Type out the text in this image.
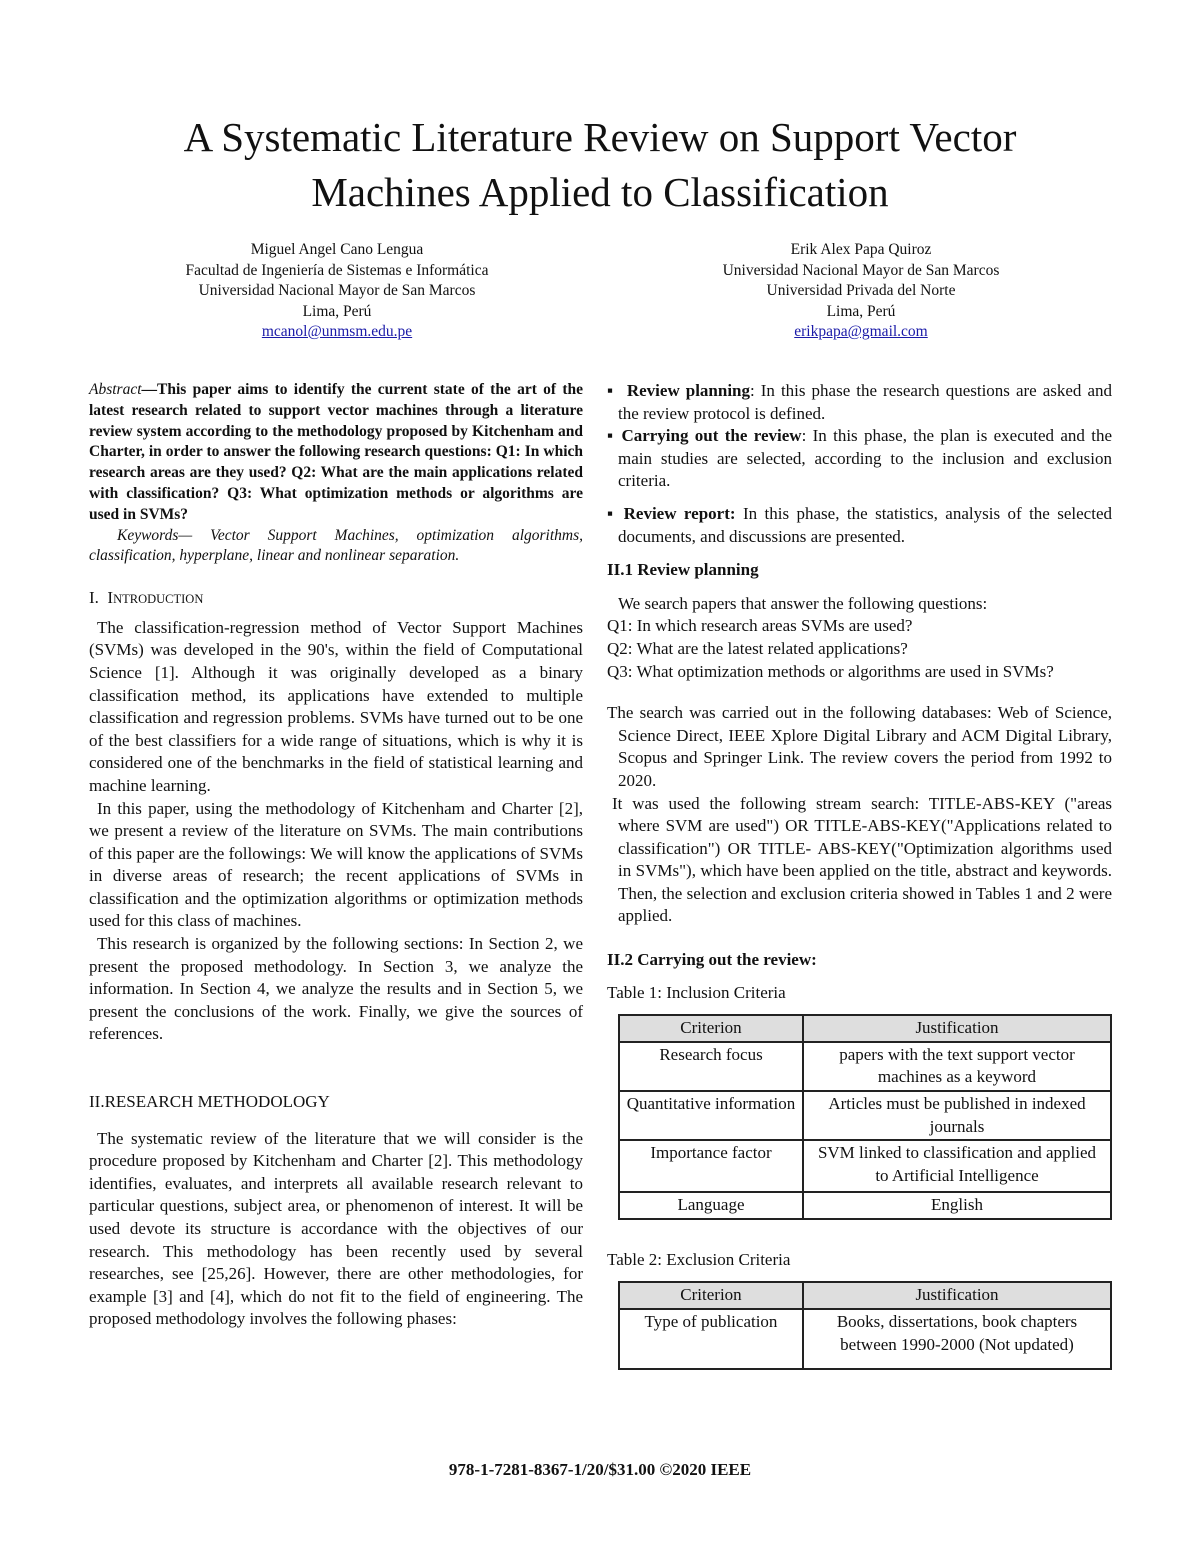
A Systematic Literature Review on Support Vector
Machines Applied to Classification
Miguel Angel Cano Lengua
Facultad de Ingeniería de Sistemas e Informática
Universidad Nacional Mayor de San Marcos
Lima, Perú
mcanol@unmsm.edu.pe
Erik Alex Papa Quiroz
Universidad Nacional Mayor de San Marcos
Universidad Privada del Norte
Lima, Perú
erikpapa@gmail.com

Abstract—This paper aims to identify the current state of the art of the latest research related to support vector machines through a literature review system according to the methodology proposed by Kitchenham and Charter, in order to answer the following research questions: Q1: In which research areas are they used? Q2: What are the main applications related with classification? Q3: What optimization methods or algorithms are used in SVMs?

Keywords— Vector Support Machines, optimization algorithms, classification, hyperplane, linear and nonlinear separation.

I. INTRODUCTION

The classification-regression method of Vector Support Machines (SVMs) was developed in the 90's, within the field of Computational Science [1]. Although it was originally developed as a binary classification method, its applications have extended to multiple classification and regression problems. SVMs have turned out to be one of the best classifiers for a wide range of situations, which is why it is considered one of the benchmarks in the field of statistical learning and machine learning.

In this paper, using the methodology of Kitchenham and Charter [2], we present a review of the literature on SVMs. The main contributions of this paper are the followings: We will know the applications of SVMs in diverse areas of research; the recent applications of SVMs in classification and the optimization algorithms or optimization methods used for this class of machines.

This research is organized by the following sections: In Section 2, we present the proposed methodology. In Section 3, we analyze the information. In Section 4, we analyze the results and in Section 5, we present the conclusions of the work. Finally, we give the sources of references.

II.RESEARCH METHODOLOGY

The systematic review of the literature that we will consider is the procedure proposed by Kitchenham and Charter [2]. This methodology identifies, evaluates, and interprets all available research relevant to particular questions, subject area, or phenomenon of interest. It will be used devote its structure is accordance with the objectives of our research. This methodology has been recently used by several researches, see [25,26]. However, there are other methodologies, for example [3] and [4], which do not fit to the field of engineering. The proposed methodology involves the following phases:

▪ Review planning: In this phase the research questions are asked and the review protocol is defined.

▪ Carrying out the review: In this phase, the plan is executed and the main studies are selected, according to the inclusion and exclusion criteria.

▪ Review report: In this phase, the statistics, analysis of the selected documents, and discussions are presented.

II.1 Review planning

We search papers that answer the following questions:

Q1: In which research areas SVMs are used?

Q2: What are the latest related applications?

Q3: What optimization methods or algorithms are used in SVMs?

The search was carried out in the following databases: Web of Science, Science Direct, IEEE Xplore Digital Library and ACM Digital Library, Scopus and Springer Link. The review covers the period from 1992 to 2020.

It was used the following stream search: TITLE-ABS-KEY ("areas where SVM are used") OR TITLE-ABS-KEY("Applications related to classification") OR TITLE- ABS-KEY("Optimization algorithms used in SVMs"), which have been applied on the title, abstract and keywords. Then, the selection and exclusion criteria showed in Tables 1 and 2 were applied.

II.2 Carrying out the review:

Table 1: Inclusion Criteria

Criterion	Justification
Research focus	papers with the text support vector machines as a keyword
Quantitative information	Articles must be published in indexed journals
Importance factor	SVM linked to classification and applied to Artificial Intelligence
Language	English

Table 2: Exclusion Criteria

Criterion	Justification
Type of publication	Books, dissertations, book chapters between 1990-2000 (Not updated)
978-1-7281-8367-1/20/$31.00 ©2020 IEEE
